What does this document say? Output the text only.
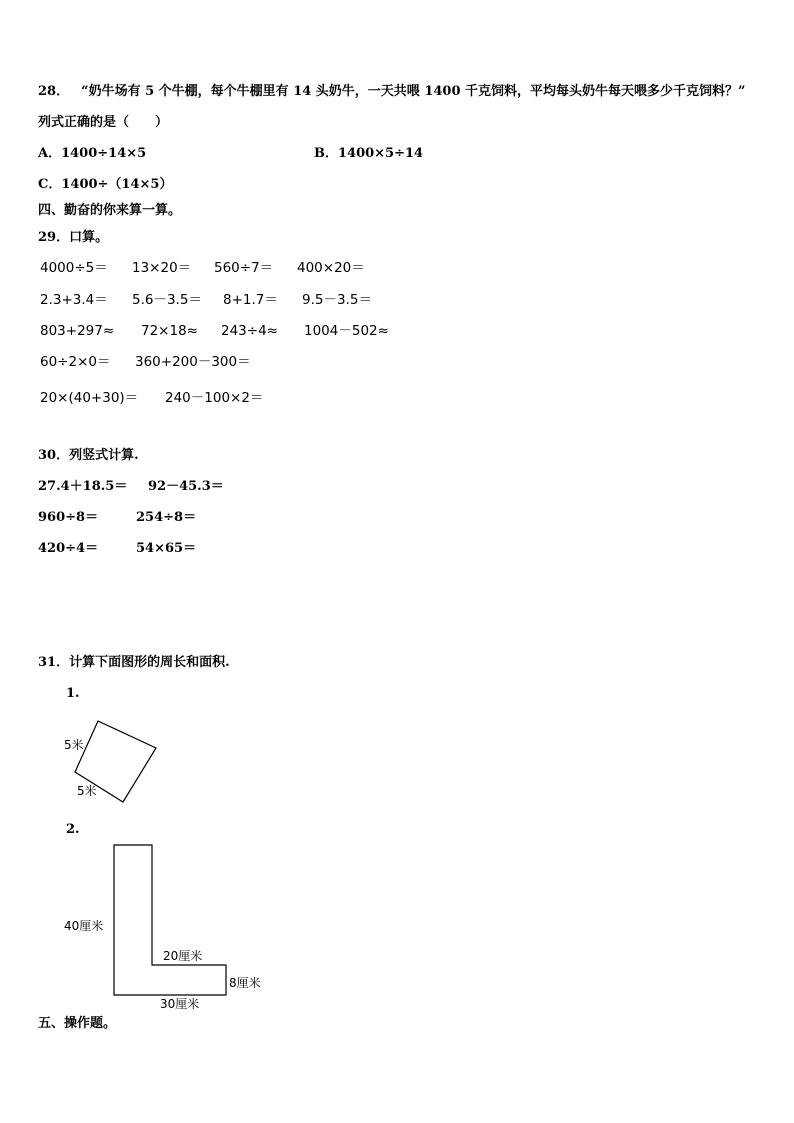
28． “奶牛场有 5 个牛棚，每个牛棚里有 14 头奶牛，一天共喂 1400 千克饲料，平均每头奶牛每天喂多少千克饲料？”
列式正确的是（　　）
A．1400÷14×5	B．1400×5÷14
C．1400÷（14×5）
四、勤奋的你来算一算。
29．口算。
4000÷5＝ 13×20＝ 560÷7＝ 400×20＝
2.3+3.4＝ 5.6－3.5＝ 8+1.7＝ 9.5－3.5＝
803+297≈ 72×18≈ 243÷4≈ 1004－502≈
60÷2×0＝ 360+200－300＝
20×(40+30)＝ 240－100×2＝
30．列竖式计算.
27.4＋18.5＝ 92－45.3＝
960÷8＝	254÷8＝
420÷4＝	54×65＝
31．计算下面图形的周长和面积.
1.
5米
5米
2.
40厘米
20厘米
8厘米
30厘米
五、操作题。
